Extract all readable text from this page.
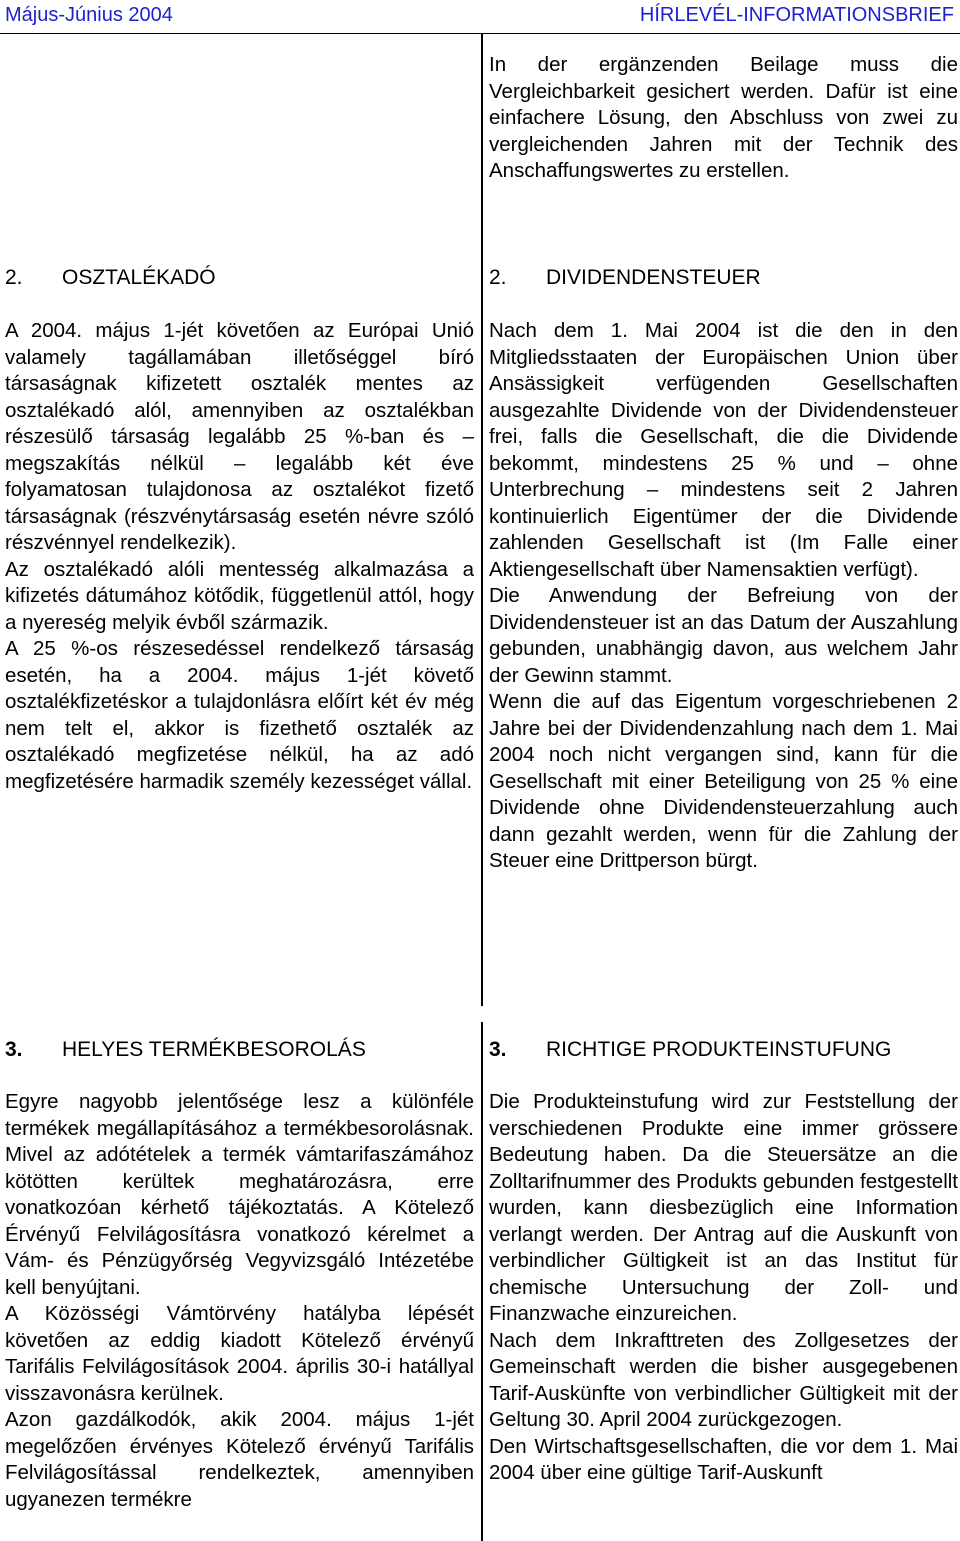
Május-Június 2004	HÍRLEVÉL-INFORMATIONSBRIEF

In der ergänzenden Beilage muss die Vergleichbarkeit gesichert werden. Dafür ist eine einfachere Lösung, den Abschluss von zwei zu vergleichenden Jahren mit der Technik des Anschaffungswertes zu erstellen.

2. OSZTALÉKADÓ	2. DIVIDENDENSTEUER

A 2004. május 1-jét követően az Európai Unió valamely tagállamában illetőséggel bíró társaságnak kifizetett osztalék mentes az osztalékadó alól, amennyiben az osztalékban részesülő társaság legalább 25 %-ban és – megszakítás nélkül – legalább két éve folyamatosan tulajdonosa az osztalékot fizető társaságnak (részvénytársaság esetén névre szóló részvénnyel rendelkezik).

Az osztalékadó alóli mentesség alkalmazása a kifizetés dátumához kötődik, függetlenül attól, hogy a nyereség melyik évből származik.

A 25 %-os részesedéssel rendelkező társaság esetén, ha a 2004. május 1-jét követő osztalékfizetéskor a tulajdonlásra előírt két év még nem telt el, akkor is fizethető osztalék az osztalékadó megfizetése nélkül, ha az adó megfizetésére harmadik személy kezességet vállal.

Nach dem 1. Mai 2004 ist die den in den Mitgliedsstaaten der Europäischen Union über Ansässigkeit verfügenden Gesellschaften ausgezahlte Dividende von der Dividendensteuer frei, falls die Gesellschaft, die die Dividende bekommt, mindestens 25 % und – ohne Unterbrechung – mindestens seit 2 Jahren kontinuierlich Eigentümer der die Dividende zahlenden Gesellschaft ist (Im Falle einer Aktiengesellschaft über Namensaktien verfügt).

Die Anwendung der Befreiung von der Dividendensteuer ist an das Datum der Auszahlung gebunden, unabhängig davon, aus welchem Jahr der Gewinn stammt.

Wenn die auf das Eigentum vorgeschriebenen 2 Jahre bei der Dividendenzahlung nach dem 1. Mai 2004 noch nicht vergangen sind, kann für die Gesellschaft mit einer Beteiligung von 25 % eine Dividende ohne Dividendensteuerzahlung auch dann gezahlt werden, wenn für die Zahlung der Steuer eine Drittperson bürgt.

3. HELYES TERMÉKBESOROLÁS	3. RICHTIGE PRODUKTEINSTUFUNG

Egyre nagyobb jelentősége lesz a különféle termékek megállapításához a termékbesorolásnak. Mivel az adótételek a termék vámtarifaszámához kötötten kerültek meghatározásra, erre vonatkozóan kérhető tájékoztatás. A Kötelező Érvényű Felvilágosításra vonatkozó kérelmet a Vám- és Pénzügyőrség Vegyvizsgáló Intézetébe kell benyújtani.

A Közösségi Vámtörvény hatályba lépését követően az eddig kiadott Kötelező érvényű Tarifális Felvilágosítások 2004. április 30-i hatállyal visszavonásra kerülnek.

Azon gazdálkodók, akik 2004. május 1-jét megelőzően érvényes Kötelező érvényű Tarifális Felvilágosítással rendelkeztek, amennyiben ugyanezen termékre

Die Produkteinstufung wird zur Feststellung der verschiedenen Produkte eine immer grössere Bedeutung haben. Da die Steuersätze an die Zolltarifnummer des Produkts gebunden festgestellt wurden, kann diesbezüglich eine Information verlangt werden. Der Antrag auf die Auskunft von verbindlicher Gültigkeit ist an das Institut für chemische Untersuchung der Zoll- und Finanzwache einzureichen.

Nach dem Inkrafttreten des Zollgesetzes der Gemeinschaft werden die bisher ausgegebenen Tarif-Auskünfte von verbindlicher Gültigkeit mit der Geltung 30. April 2004 zurückgezogen.

Den Wirtschaftsgesellschaften, die vor dem 1. Mai 2004 über eine gültige Tarif-Auskunft
